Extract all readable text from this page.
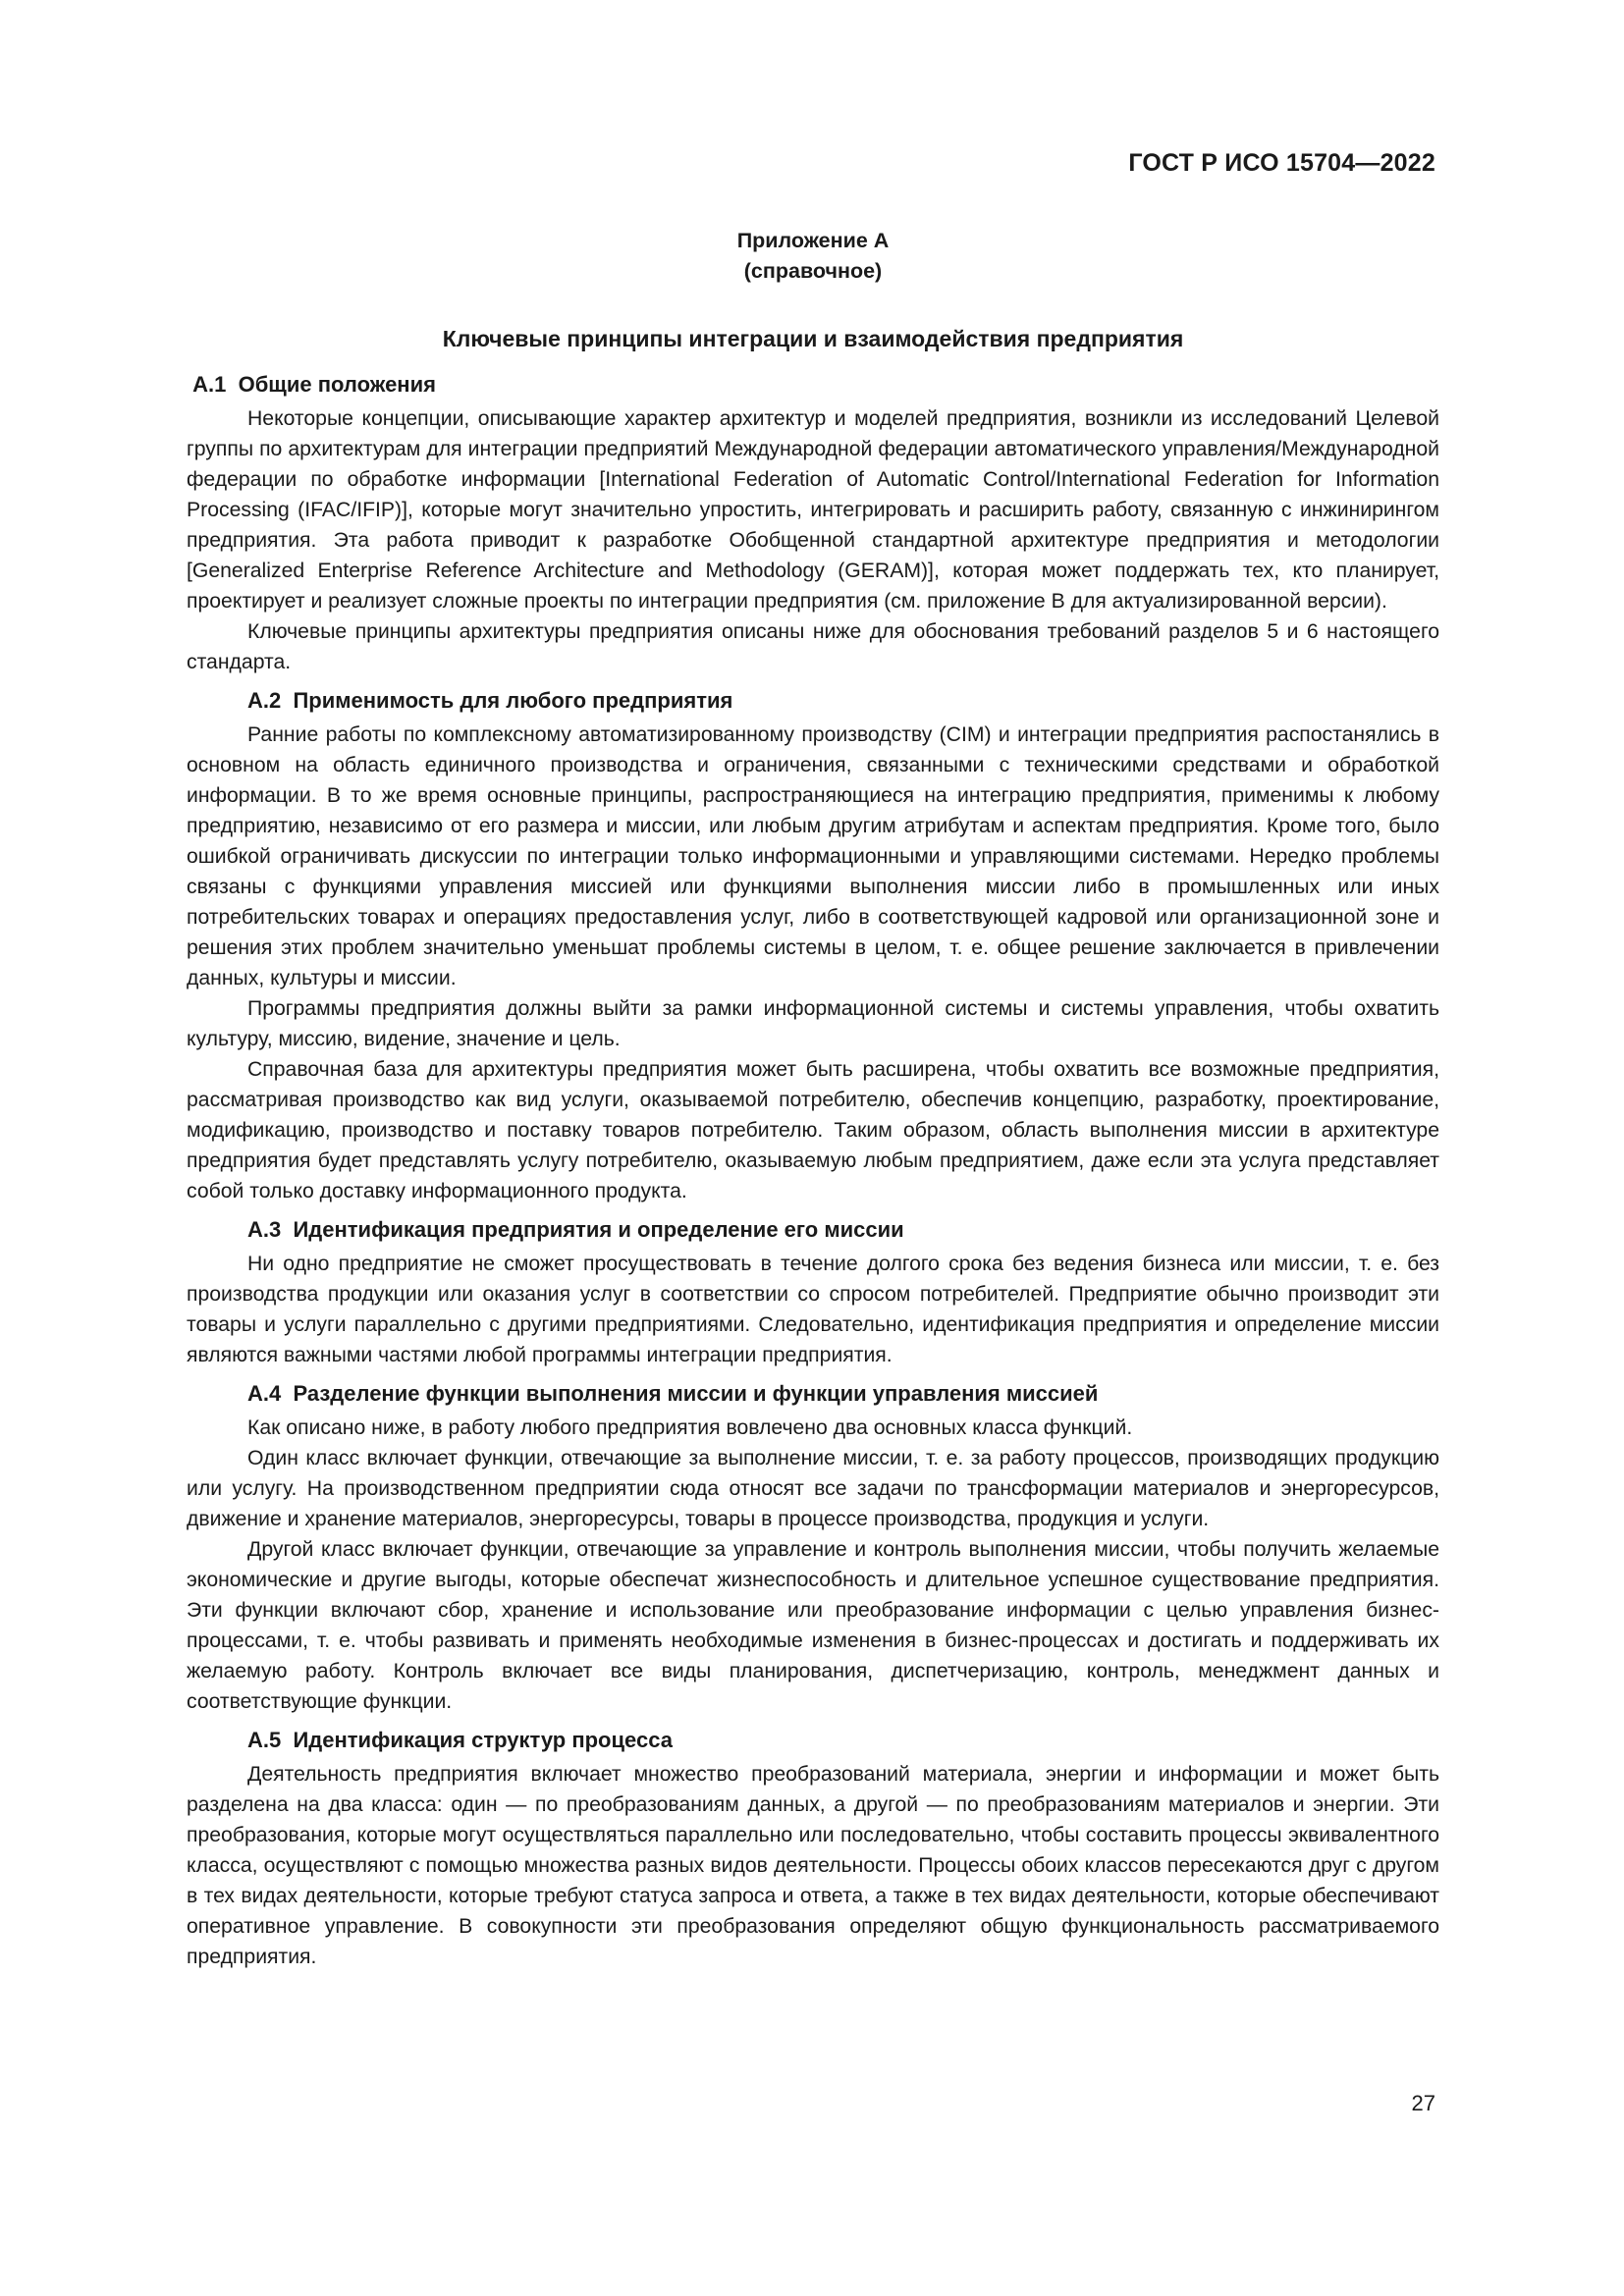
ГОСТ Р ИСО 15704—2022
Приложение А
(справочное)
Ключевые принципы интеграции и взаимодействия предприятия
А.1 Общие положения

Некоторые концепции, описывающие характер архитектур и моделей предприятия, возникли из исследований Целевой группы по архитектурам для интеграции предприятий Международной федерации автоматического управления/Международной федерации по обработке информации [International Federation of Automatic Control/International Federation for Information Processing (IFAC/IFIP)], которые могут значительно упростить, интегрировать и расширить работу, связанную с инжинирингом предприятия. Эта работа приводит к разработке Обобщенной стандартной архитектуре предприятия и методологии [Generalized Enterprise Reference Architecture and Methodology (GERAM)], которая может поддержать тех, кто планирует, проектирует и реализует сложные проекты по интеграции предприятия (см. приложение В для актуализированной версии).

Ключевые принципы архитектуры предприятия описаны ниже для обоснования требований разделов 5 и 6 настоящего стандарта.

А.2 Применимость для любого предприятия

Ранние работы по комплексному автоматизированному производству (CIM) и интеграции предприятия распостанялись в основном на область единичного производства и ограничения, связанными с техническими средствами и обработкой информации. В то же время основные принципы, распространяющиеся на интеграцию предприятия, применимы к любому предприятию, независимо от его размера и миссии, или любым другим атрибутам и аспектам предприятия. Кроме того, было ошибкой ограничивать дискуссии по интеграции только информационными и управляющими системами. Нередко проблемы связаны с функциями управления миссией или функциями выполнения миссии либо в промышленных или иных потребительских товарах и операциях предоставления услуг, либо в соответствующей кадровой или организационной зоне и решения этих проблем значительно уменьшат проблемы системы в целом, т. е. общее решение заключается в привлечении данных, культуры и миссии.

Программы предприятия должны выйти за рамки информационной системы и системы управления, чтобы охватить культуру, миссию, видение, значение и цель.

Справочная база для архитектуры предприятия может быть расширена, чтобы охватить все возможные предприятия, рассматривая производство как вид услуги, оказываемой потребителю, обеспечив концепцию, разработку, проектирование, модификацию, производство и поставку товаров потребителю. Таким образом, область выполнения миссии в архитектуре предприятия будет представлять услугу потребителю, оказываемую любым предприятием, даже если эта услуга представляет собой только доставку информационного продукта.

А.3 Идентификация предприятия и определение его миссии

Ни одно предприятие не сможет просуществовать в течение долгого срока без ведения бизнеса или миссии, т. е. без производства продукции или оказания услуг в соответствии со спросом потребителей. Предприятие обычно производит эти товары и услуги параллельно с другими предприятиями. Следовательно, идентификация предприятия и определение миссии являются важными частями любой программы интеграции предприятия.

А.4 Разделение функции выполнения миссии и функции управления миссией

Как описано ниже, в работу любого предприятия вовлечено два основных класса функций.

Один класс включает функции, отвечающие за выполнение миссии, т. е. за работу процессов, производящих продукцию или услугу. На производственном предприятии сюда относят все задачи по трансформации материалов и энергоресурсов, движение и хранение материалов, энергоресурсы, товары в процессе производства, продукция и услуги.

Другой класс включает функции, отвечающие за управление и контроль выполнения миссии, чтобы получить желаемые экономические и другие выгоды, которые обеспечат жизнеспособность и длительное успешное существование предприятия. Эти функции включают сбор, хранение и использование или преобразование информации с целью управления бизнес-процессами, т. е. чтобы развивать и применять необходимые изменения в бизнес-процессах и достигать и поддерживать их желаемую работу. Контроль включает все виды планирования, диспетчеризацию, контроль, менеджмент данных и соответствующие функции.

А.5 Идентификация структур процесса

Деятельность предприятия включает множество преобразований материала, энергии и информации и может быть разделена на два класса: один — по преобразованиям данных, а другой — по преобразованиям материалов и энергии. Эти преобразования, которые могут осуществляться параллельно или последовательно, чтобы составить процессы эквивалентного класса, осуществляют с помощью множества разных видов деятельности. Процессы обоих классов пересекаются друг с другом в тех видах деятельности, которые требуют статуса запроса и ответа, а также в тех видах деятельности, которые обеспечивают оперативное управление. В совокупности эти преобразования определяют общую функциональность рассматриваемого предприятия.

27
